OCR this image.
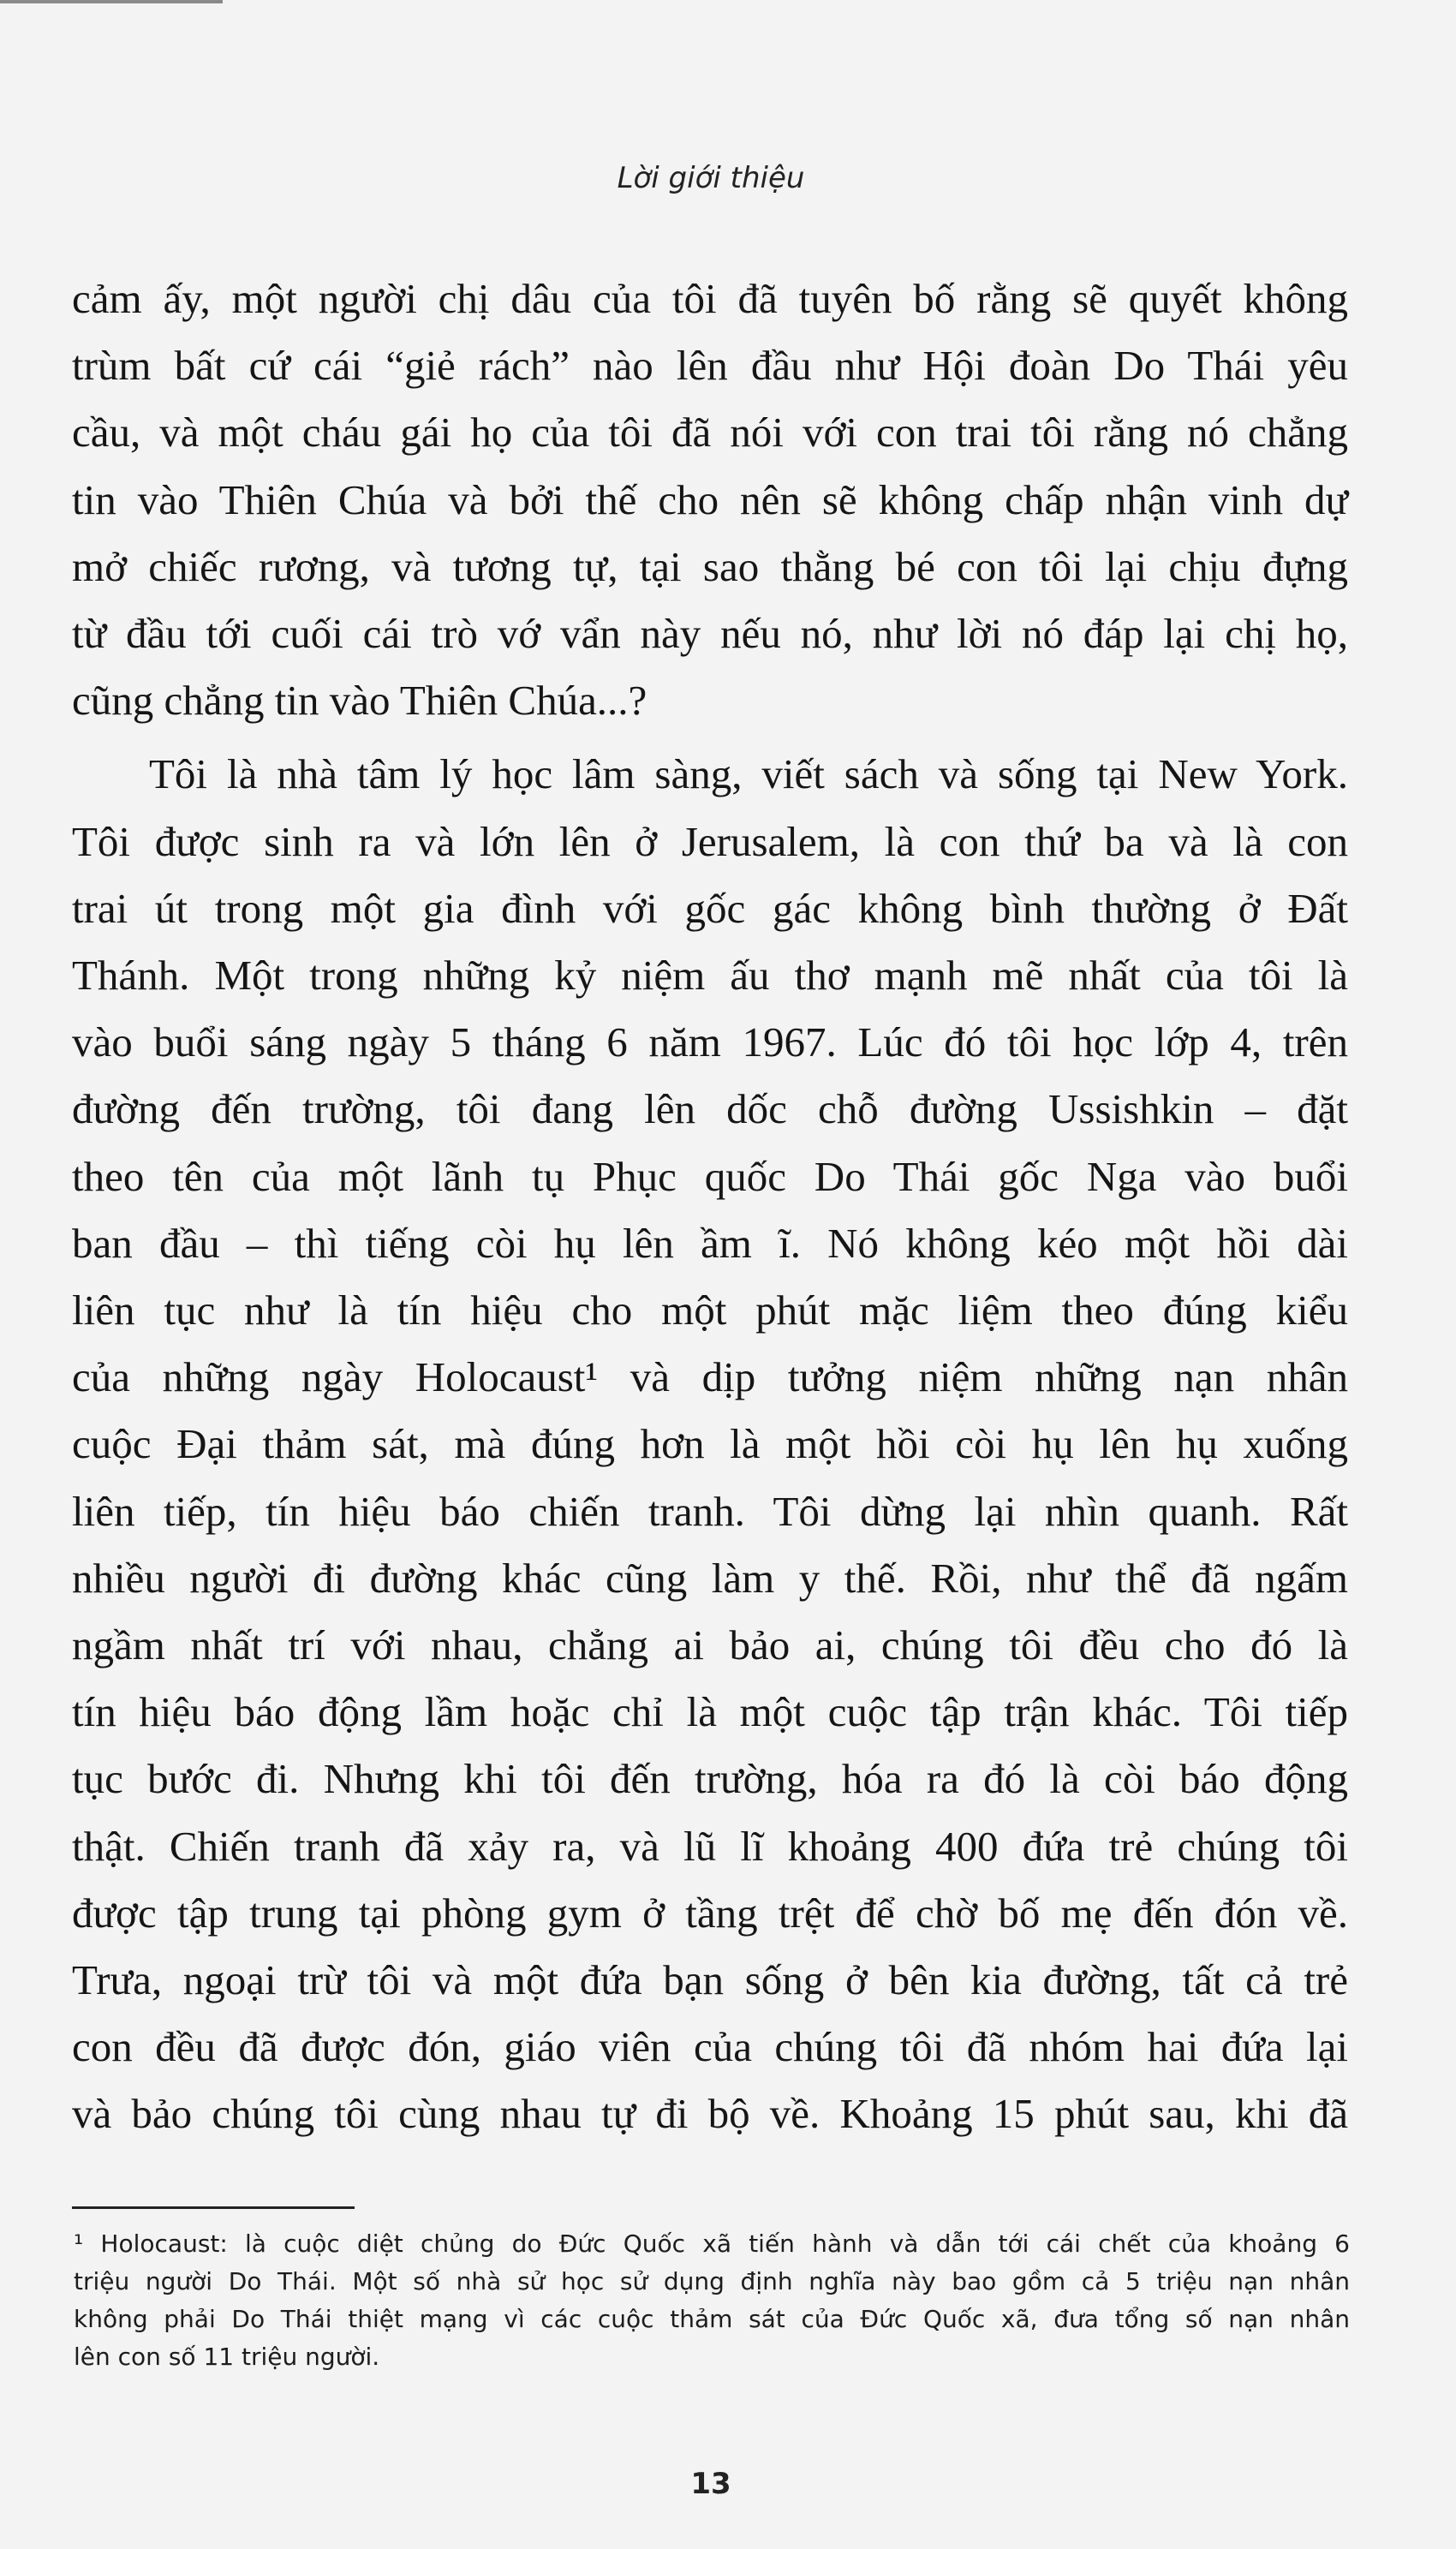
Lời giới thiệu
cảm ấy, một người chị dâu của tôi đã tuyên bố rằng sẽ quyết không
trùm bất cứ cái “giẻ rách” nào lên đầu như Hội đoàn Do Thái yêu
cầu, và một cháu gái họ của tôi đã nói với con trai tôi rằng nó chẳng
tin vào Thiên Chúa và bởi thế cho nên sẽ không chấp nhận vinh dự
mở chiếc rương, và tương tự, tại sao thằng bé con tôi lại chịu đựng
từ đầu tới cuối cái trò vớ vẩn này nếu nó, như lời nó đáp lại chị họ,
cũng chẳng tin vào Thiên Chúa...?
Tôi là nhà tâm lý học lâm sàng, viết sách và sống tại New York.
Tôi được sinh ra và lớn lên ở Jerusalem, là con thứ ba và là con
trai út trong một gia đình với gốc gác không bình thường ở Đất
Thánh. Một trong những kỷ niệm ấu thơ mạnh mẽ nhất của tôi là
vào buổi sáng ngày 5 tháng 6 năm 1967. Lúc đó tôi học lớp 4, trên
đường đến trường, tôi đang lên dốc chỗ đường Ussishkin – đặt
theo tên của một lãnh tụ Phục quốc Do Thái gốc Nga vào buổi
ban đầu – thì tiếng còi hụ lên ầm ĩ. Nó không kéo một hồi dài
liên tục như là tín hiệu cho một phút mặc liệm theo đúng kiểu
của những ngày Holocaust¹ và dịp tưởng niệm những nạn nhân
cuộc Đại thảm sát, mà đúng hơn là một hồi còi hụ lên hụ xuống
liên tiếp, tín hiệu báo chiến tranh. Tôi dừng lại nhìn quanh. Rất
nhiều người đi đường khác cũng làm y thế. Rồi, như thể đã ngấm
ngầm nhất trí với nhau, chẳng ai bảo ai, chúng tôi đều cho đó là
tín hiệu báo động lầm hoặc chỉ là một cuộc tập trận khác. Tôi tiếp
tục bước đi. Nhưng khi tôi đến trường, hóa ra đó là còi báo động
thật. Chiến tranh đã xảy ra, và lũ lĩ khoảng 400 đứa trẻ chúng tôi
được tập trung tại phòng gym ở tầng trệt để chờ bố mẹ đến đón về.
Trưa, ngoại trừ tôi và một đứa bạn sống ở bên kia đường, tất cả trẻ
con đều đã được đón, giáo viên của chúng tôi đã nhóm hai đứa lại
và bảo chúng tôi cùng nhau tự đi bộ về. Khoảng 15 phút sau, khi đã
¹ Holocaust: là cuộc diệt chủng do Đức Quốc xã tiến hành và dẫn tới cái chết của khoảng 6
triệu người Do Thái. Một số nhà sử học sử dụng định nghĩa này bao gồm cả 5 triệu nạn nhân
không phải Do Thái thiệt mạng vì các cuộc thảm sát của Đức Quốc xã, đưa tổng số nạn nhân
lên con số 11 triệu người.
13
